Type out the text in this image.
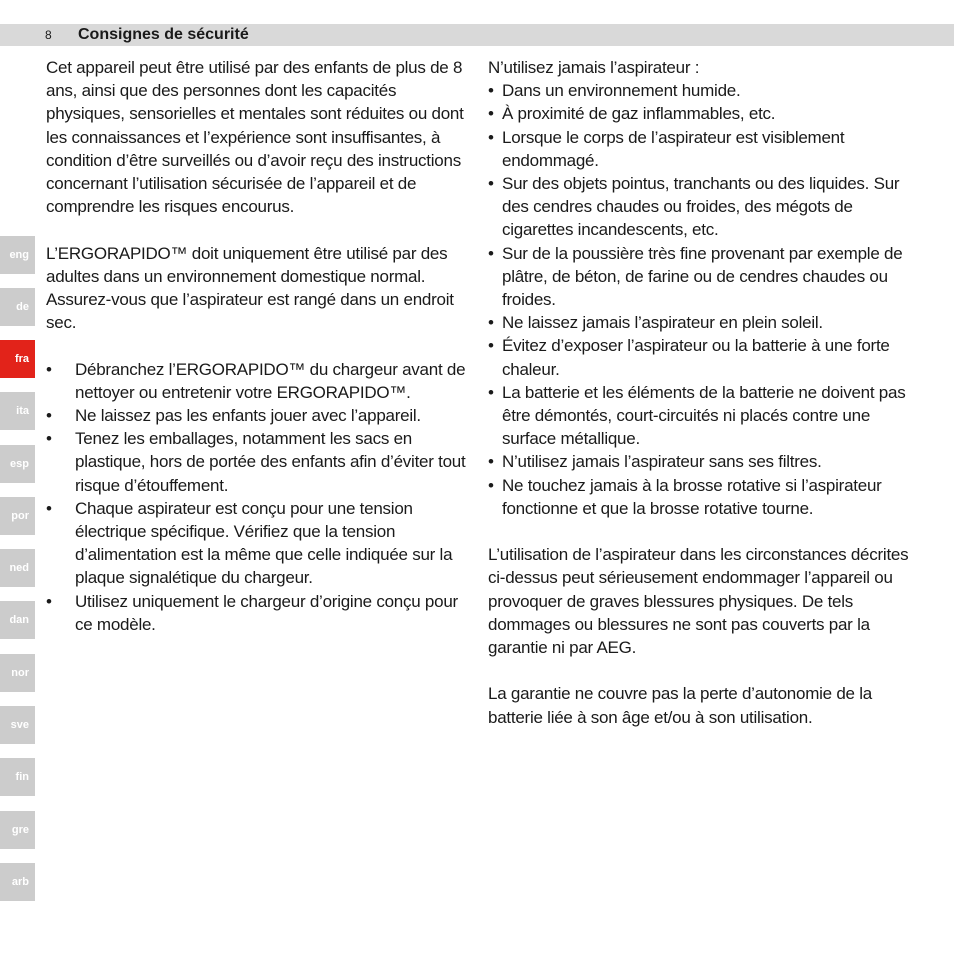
8 Consignes de sécurité
eng
de
fra
ita
esp
por
ned
dan
nor
sve
fin
gre
arb

Cet appareil peut être utilisé par des enfants de plus de 8 ans, ainsi que des personnes dont les capacités physiques, sensorielles et mentales sont réduites ou dont les connaissances et l’expérience sont insuffisantes, à condition d’être surveillés ou d’avoir reçu des instructions concernant l’utilisation sécurisée de l’appareil et de comprendre les risques encourus.

L’ERGORAPIDO™ doit uniquement être utilisé par des adultes dans un environnement domestique normal. Assurez-vous que l’aspirateur est rangé dans un endroit sec.

• Débranchez l’ERGORAPIDO™ du chargeur avant de nettoyer ou entretenir votre ERGORAPIDO™.
• Ne laissez pas les enfants jouer avec l’appareil.
• Tenez les emballages, notamment les sacs en plastique, hors de portée des enfants afin d’éviter tout risque d’étouffement.
• Chaque aspirateur est conçu pour une tension électrique spécifique. Vérifiez que la tension d’alimentation est la même que celle indiquée sur la plaque signalétique du chargeur.
• Utilisez uniquement le chargeur d’origine conçu pour ce modèle.

N’utilisez jamais l’aspirateur :

• Dans un environnement humide.
• À proximité de gaz inflammables, etc.
• Lorsque le corps de l’aspirateur est visiblement endommagé.
• Sur des objets pointus, tranchants ou des liquides. Sur des cendres chaudes ou froides, des mégots de cigarettes incandescents, etc.
• Sur de la poussière très fine provenant par exemple de plâtre, de béton, de farine ou de cendres chaudes ou froides.
• Ne laissez jamais l’aspirateur en plein soleil.
• Évitez d’exposer l’aspirateur ou la batterie à une forte chaleur.
• La batterie et les éléments de la batterie ne doivent pas être démontés, court-circuités ni placés contre une surface métallique.
• N’utilisez jamais l’aspirateur sans ses filtres.
• Ne touchez jamais à la brosse rotative si l’aspirateur fonctionne et que la brosse rotative tourne.

L’utilisation de l’aspirateur dans les circonstances décrites ci-dessus peut sérieusement endommager l’appareil ou provoquer de graves blessures physiques. De tels dommages ou blessures ne sont pas couverts par la garantie ni par AEG.

La garantie ne couvre pas la perte d’autonomie de la batterie liée à son âge et/ou à son utilisation.
